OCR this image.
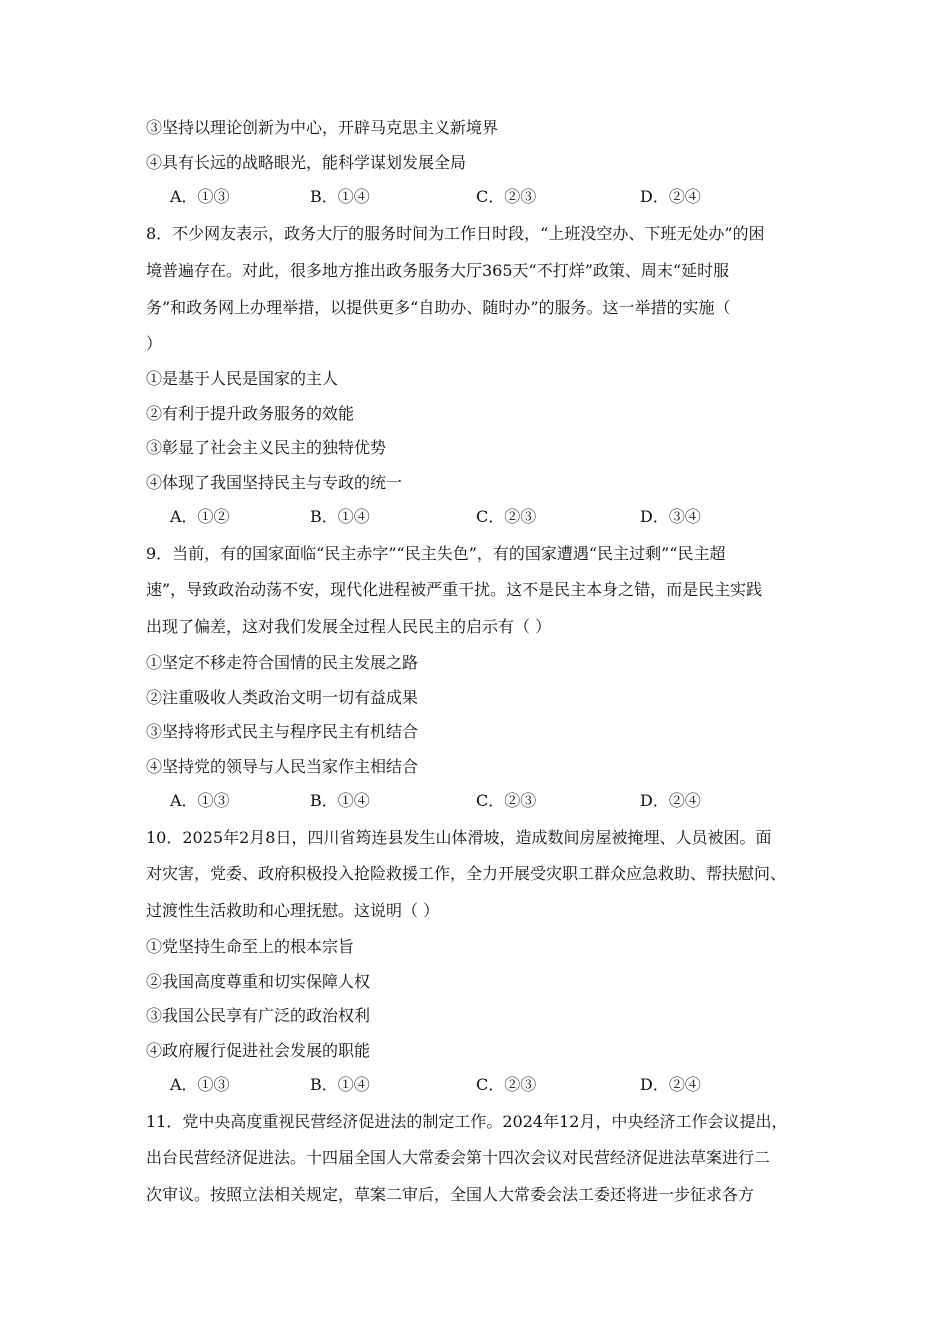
③坚持以理论创新为中心，开辟马克思主义新境界
④具有长远的战略眼光，能科学谋划发展全局
A．①③	B．①④	C．②③	D．②④
8．不少网友表示，政务大厅的服务时间为工作日时段，“上班没空办、下班无处办”的困
境普遍存在。对此，很多地方推出政务服务大厅365天“不打烊”政策、周末“延时服
务”和政务网上办理举措，以提供更多“自助办、随时办”的服务。这一举措的实施（
）
①是基于人民是国家的主人
②有利于提升政务服务的效能
③彰显了社会主义民主的独特优势
④体现了我国坚持民主与专政的统一
A．①②	B．①④	C．②③	D．③④
9．当前，有的国家面临“民主赤字”“民主失色”，有的国家遭遇“民主过剩”“民主超
速”，导致政治动荡不安，现代化进程被严重干扰。这不是民主本身之错，而是民主实践
出现了偏差，这对我们发展全过程人民民主的启示有（ ）
①坚定不移走符合国情的民主发展之路
②注重吸收人类政治文明一切有益成果
③坚持将形式民主与程序民主有机结合
④坚持党的领导与人民当家作主相结合
A．①③	B．①④	C．②③	D．②④
10．2025年2月8日，四川省筠连县发生山体滑坡，造成数间房屋被掩埋、人员被困。面
对灾害，党委、政府积极投入抢险救援工作，全力开展受灾职工群众应急救助、帮扶慰问、
过渡性生活救助和心理抚慰。这说明（ ）
①党坚持生命至上的根本宗旨
②我国高度尊重和切实保障人权
③我国公民享有广泛的政治权利
④政府履行促进社会发展的职能
A．①③	B．①④	C．②③	D．②④
11．党中央高度重视民营经济促进法的制定工作。2024年12月，中央经济工作会议提出，
出台民营经济促进法。十四届全国人大常委会第十四次会议对民营经济促进法草案进行二
次审议。按照立法相关规定，草案二审后，全国人大常委会法工委还将进一步征求各方
